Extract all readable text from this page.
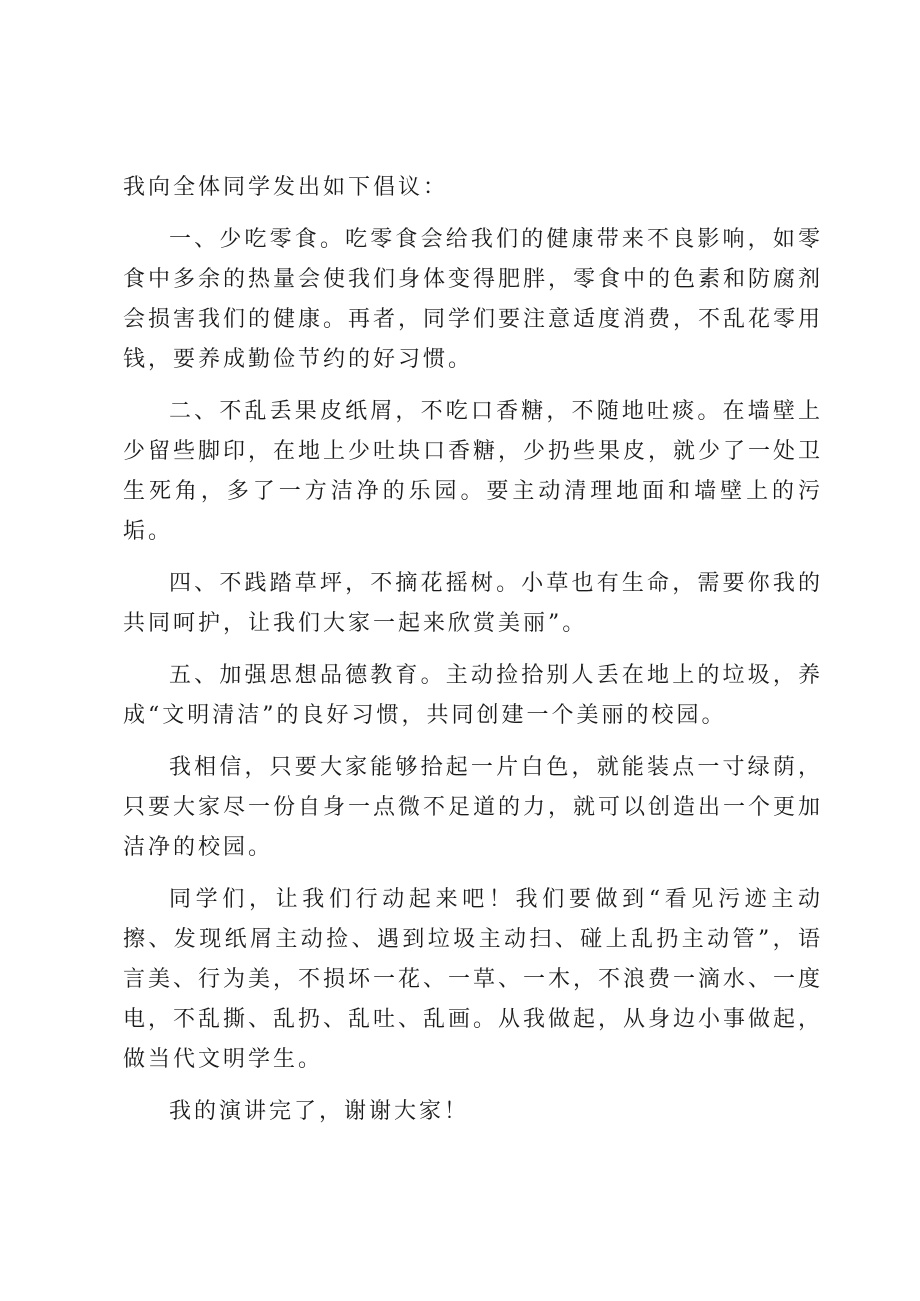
我向全体同学发出如下倡议：

一、少吃零食。吃零食会给我们的健康带来不良影响，如零食中多余的热量会使我们身体变得肥胖，零食中的色素和防腐剂会损害我们的健康。再者，同学们要注意适度消费，不乱花零用钱，要养成勤俭节约的好习惯。

二、不乱丢果皮纸屑，不吃口香糖，不随地吐痰。在墙壁上少留些脚印，在地上少吐块口香糖，少扔些果皮，就少了一处卫生死角，多了一方洁净的乐园。要主动清理地面和墙壁上的污垢。

四、不践踏草坪，不摘花摇树。小草也有生命，需要你我的共同呵护，让我们大家一起来欣赏美丽”。

五、加强思想品德教育。主动捡拾别人丢在地上的垃圾，养成“文明清洁”的良好习惯，共同创建一个美丽的校园。

我相信，只要大家能够拾起一片白色，就能装点一寸绿荫，只要大家尽一份自身一点微不足道的力，就可以创造出一个更加洁净的校园。

同学们，让我们行动起来吧！我们要做到“看见污迹主动擦、发现纸屑主动捡、遇到垃圾主动扫、碰上乱扔主动管”，语言美、行为美，不损坏一花、一草、一木，不浪费一滴水、一度电，不乱撕、乱扔、乱吐、乱画。从我做起，从身边小事做起，做当代文明学生。

我的演讲完了，谢谢大家！
